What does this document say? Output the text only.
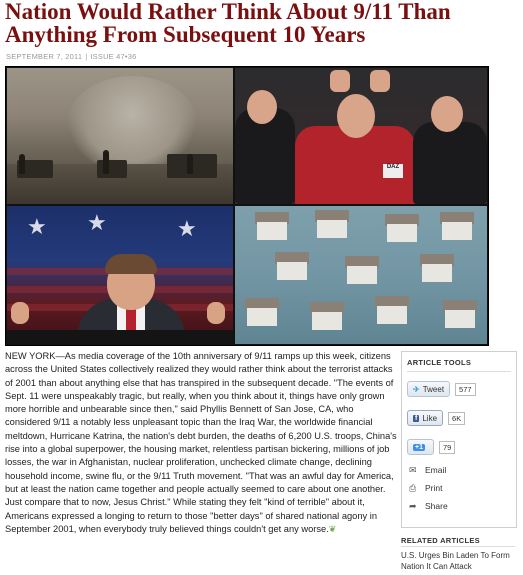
Nation Would Rather Think About 9/11 Than Anything From Subsequent 10 Years
SEPTEMBER 7, 2011 | ISSUE 47•36
DAZ
★ ★	★

NEW YORK—As media coverage of the 10th anniversary of 9/11 ramps up this week, citizens across the United States collectively realized they would rather think about the terrorist attacks of 2001 than about anything else that has transpired in the subsequent decade. "The events of Sept. 11 were unspeakably tragic, but really, when you think about it, things have only grown more horrible and unbearable since then," said Phyllis Bennett of San Jose, CA, who considered 9/11 a notably less unpleasant topic than the Iraq War, the worldwide financial meltdown, Hurricane Katrina, the nation's debt burden, the deaths of 6,200 U.S. troops, China's rise into a global superpower, the housing market, relentless partisan bickering, millions of job losses, the war in Afghanistan, nuclear proliferation, unchecked climate change, declining household income, swine flu, or the 9/11 Truth movement. "That was an awful day for America, but at least the nation came together and people actually seemed to care about one another. Just compare that to now, Jesus Christ." While stating they felt "kind of terrible" about it, Americans expressed a longing to return to those "better days" of shared national agony in September 2001, when everybody truly believed things couldn't get any worse.❦

ARTICLE TOOLS
✈ Tweet	577
f Like	6K
+1	79
✉ Email
⎙	Print
➦ Share
RELATED ARTICLES
U.S. Urges Bin Laden To Form Nation It Can Attack
